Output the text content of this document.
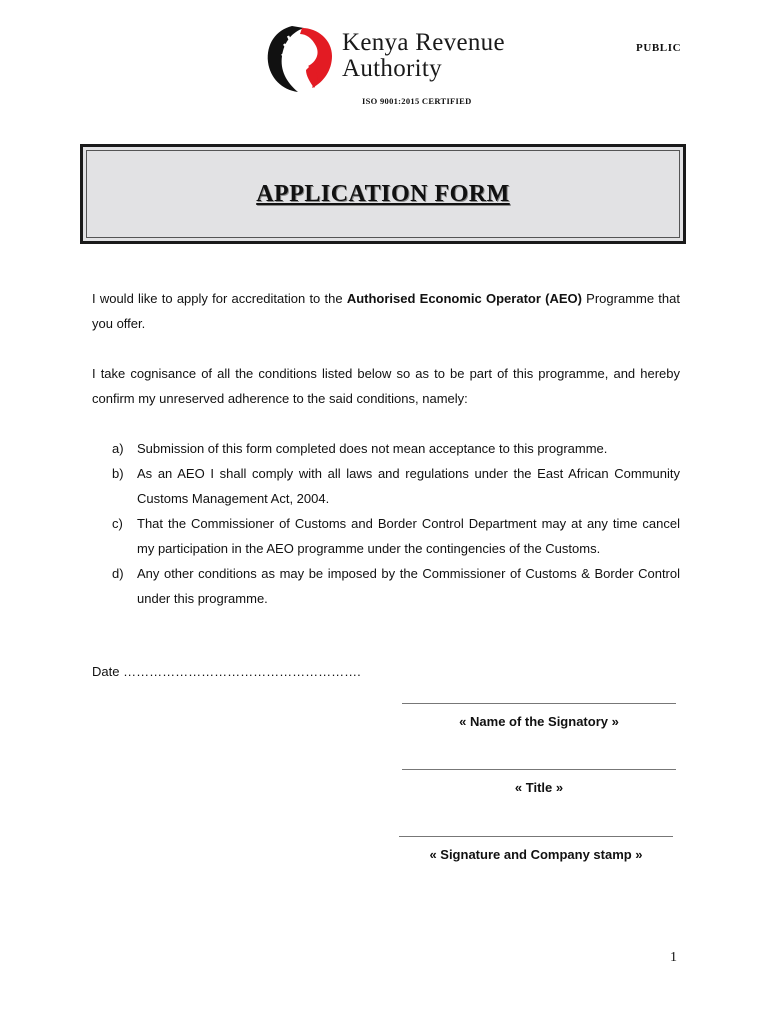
Kenya Revenue
Authority
PUBLIC
ISO 9001:2015 CERTIFIED
APPLICATION FORM
I would like to apply for accreditation to the Authorised Economic Operator (AEO) Programme that you offer.
I take cognisance of all the conditions listed below so as to be part of this programme, and hereby confirm my unreserved adherence to the said conditions, namely:
a)	Submission of this form completed does not mean acceptance to this programme.
b)	As an AEO I shall comply with all laws and regulations under the East African Community Customs Management Act, 2004.
c)	That the Commissioner of Customs and Border Control Department may at any time cancel my participation in the AEO programme under the contingencies of the Customs.
d)	Any other conditions as may be imposed by the Commissioner of Customs & Border Control under this programme.
Date ……………………………………………….
« Name of the Signatory »
« Title »
« Signature and Company stamp »
1
